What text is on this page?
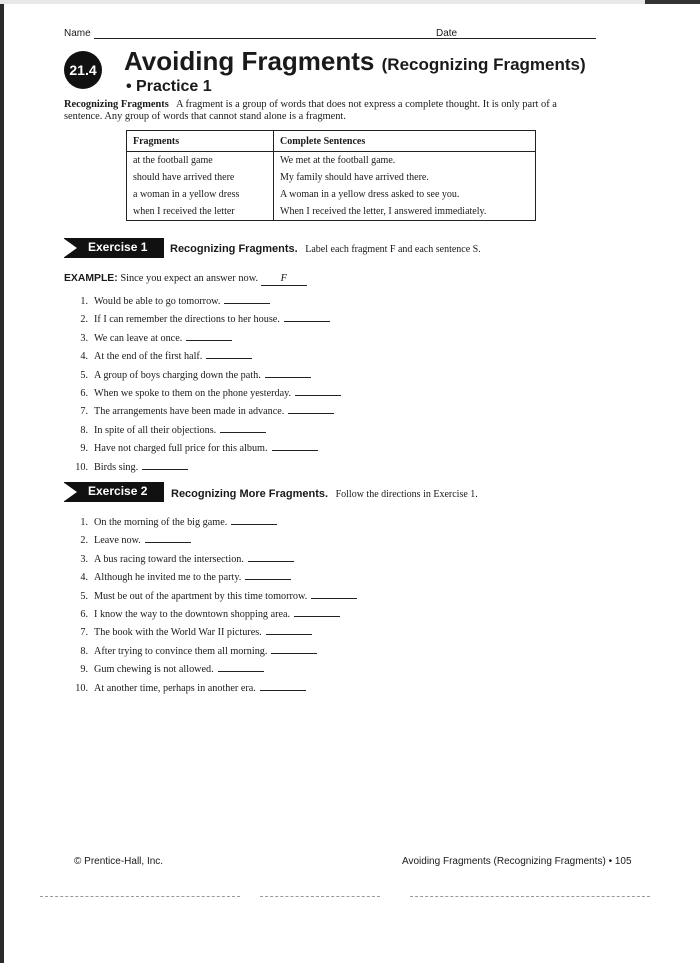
Name	Date
21.4 Avoiding Fragments (Recognizing Fragments)
• Practice 1
Recognizing Fragments A fragment is a group of words that does not express a complete thought. It is only part of a sentence. Any group of words that cannot stand alone is a fragment.
Fragments	Complete Sentences
at the football game	We met at the football game.
should have arrived there	My family should have arrived there.
a woman in a yellow dress	A woman in a yellow dress asked to see you.
when I received the letter	When I received the letter, I answered immediately.
Exercise 1 Recognizing Fragments. Label each fragment F and each sentence S.
EXAMPLE: Since you expect an answer now. F
1. Would be able to go tomorrow.
2. If I can remember the directions to her house.
3. We can leave at once.
4. At the end of the first half.
5. A group of boys charging down the path.
6. When we spoke to them on the phone yesterday.
7. The arrangements have been made in advance.
8. In spite of all their objections.
9. Have not charged full price for this album.
10. Birds sing.
Exercise 2 Recognizing More Fragments. Follow the directions in Exercise 1.
1. On the morning of the big game.
2. Leave now.
3. A bus racing toward the intersection.
4. Although he invited me to the party.
5. Must be out of the apartment by this time tomorrow.
6. I know the way to the downtown shopping area.
7. The book with the World War II pictures.
8. After trying to convince them all morning.
9. Gum chewing is not allowed.
10. At another time, perhaps in another era.
© Prentice-Hall, Inc.	Avoiding Fragments (Recognizing Fragments) • 105
